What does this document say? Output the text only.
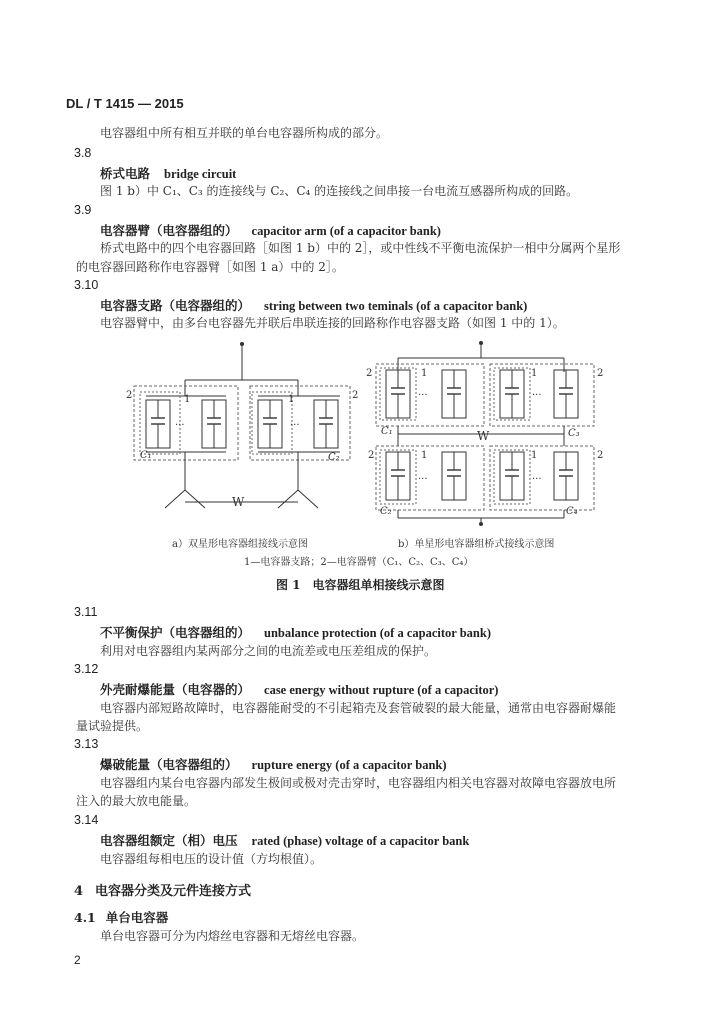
DL / T 1415 — 2015
电容器组中所有相互并联的单台电容器所构成的部分。
3.8
桥式电路 bridge circuit
图 1 b）中 C₁、C₃ 的连接线与 C₂、C₄ 的连接线之间串接一台电流互感器所构成的回路。
3.9
电容器臂（电容器组的） capacitor arm (of a capacitor bank)
桥式电路中的四个电容器回路［如图 1 b）中的 2］，或中性线不平衡电流保护一相中分属两个星形
的电容器回路称作电容器臂［如图 1 a）中的 2］。
3.10
电容器支路（电容器组的） string between two teminals (of a capacitor bank)
电容器臂中，由多台电容器先并联后串联连接的回路称作电容器支路（如图 1 中的 1）。
2	1
···
C₁
1
···
2
C₂
W
2	1
···
1
···
2
C₁	C₃
W
2	1
···
1
···
2
C₂	C₄
a）双星形电容器组接线示意图	b）单星形电容器组桥式接线示意图
1—电容器支路；2—电容器臂（C₁、C₂、C₃、C₄）
图 1　电容器组单相接线示意图
3.11
不平衡保护（电容器组的） unbalance protection (of a capacitor bank)
利用对电容器组内某两部分之间的电流差或电压差组成的保护。
3.12
外壳耐爆能量（电容器的） case energy without rupture (of a capacitor)
电容器内部短路故障时，电容器能耐受的不引起箱壳及套管破裂的最大能量，通常由电容器耐爆能
量试验提供。
3.13
爆破能量（电容器组的） rupture energy (of a capacitor bank)
电容器组内某台电容器内部发生极间或极对壳击穿时，电容器组内相关电容器对故障电容器放电所
注入的最大放电能量。
3.14
电容器组额定（相）电压 rated (phase) voltage of a capacitor bank
电容器组每相电压的设计值（方均根值）。
4 电容器分类及元件连接方式
4.1 单台电容器
单台电容器可分为内熔丝电容器和无熔丝电容器。
2
